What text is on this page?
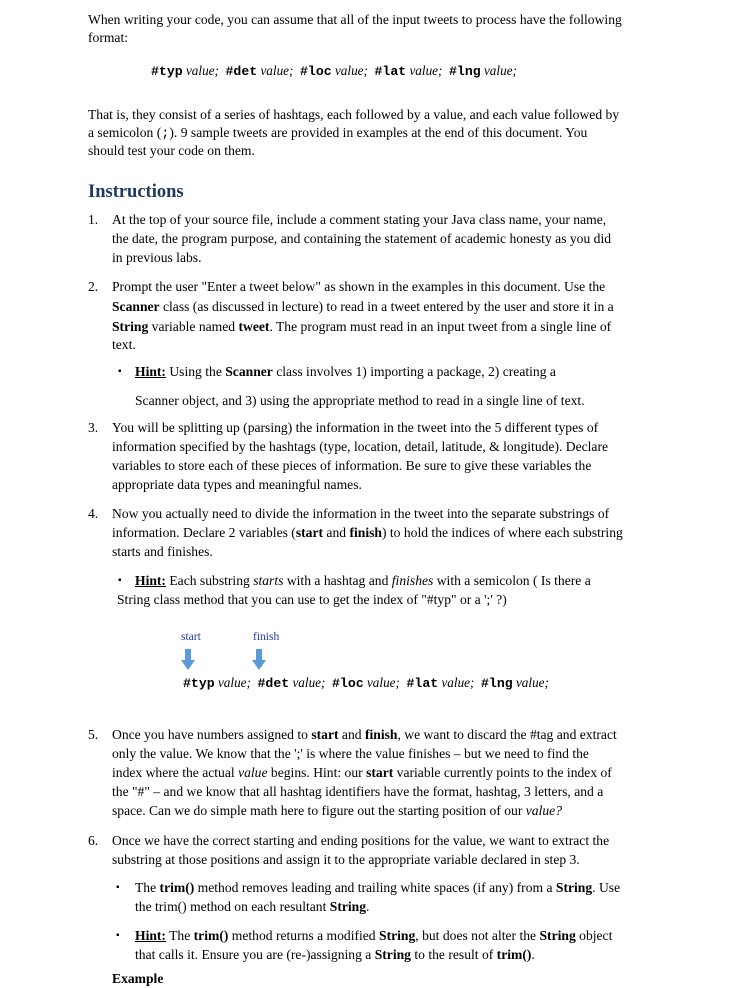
When writing your code, you can assume that all of the input tweets to process have the following

format:

#typ value; #det value; #loc value; #lat value; #lng value;

That is, they consist of a series of hashtags, each followed by a value, and each value followed by

a semicolon (;). 9 sample tweets are provided in examples at the end of this document. You

should test your code on them.

Instructions
1. At the top of your source file, include a comment stating your Java class name, your name,

the date, the program purpose, and containing the statement of academic honesty as you did

in previous labs.

2. Prompt the user "Enter a tweet below" as shown in the examples in this document. Use the

Scanner class (as discussed in lecture) to read in a tweet entered by the user and store it in a

String variable named tweet. The program must read in an input tweet from a single line of

text.

▪ Hint: Using the Scanner class involves 1) importing a package, 2) creating a

Scanner object, and 3) using the appropriate method to read in a single line of text.

3. You will be splitting up (parsing) the information in the tweet into the 5 different types of

information specified by the hashtags (type, location, detail, latitude, & longitude). Declare

variables to store each of these pieces of information. Be sure to give these variables the

appropriate data types and meaningful names.

4. Now you actually need to divide the information in the tweet into the separate substrings of

information. Declare 2 variables (start and finish) to hold the indices of where each substring

starts and finishes.

▪ Hint: Each substring starts with a hashtag and finishes with a semicolon ( Is there a

String class method that you can use to get the index of "#typ" or a ';' ?)

start	finish
#typ value; #det value; #loc value; #lat value; #lng value;
5. Once you have numbers assigned to start and finish, we want to discard the #tag and extract

only the value. We know that the ';' is where the value finishes – but we need to find the

index where the actual value begins. Hint: our start variable currently points to the index of

the "#" – and we know that all hashtag identifiers have the format, hashtag, 3 letters, and a

space. Can we do simple math here to figure out the starting position of our value?

6. Once we have the correct starting and ending positions for the value, we want to extract the

substring at those positions and assign it to the appropriate variable declared in step 3.

▪ The trim() method removes leading and trailing white spaces (if any) from a String. Use

the trim() method on each resultant String.

▪ Hint: The trim() method returns a modified String, but does not alter the String object

that calls it. Ensure you are (re-)assigning a String to the result of trim().

Example
